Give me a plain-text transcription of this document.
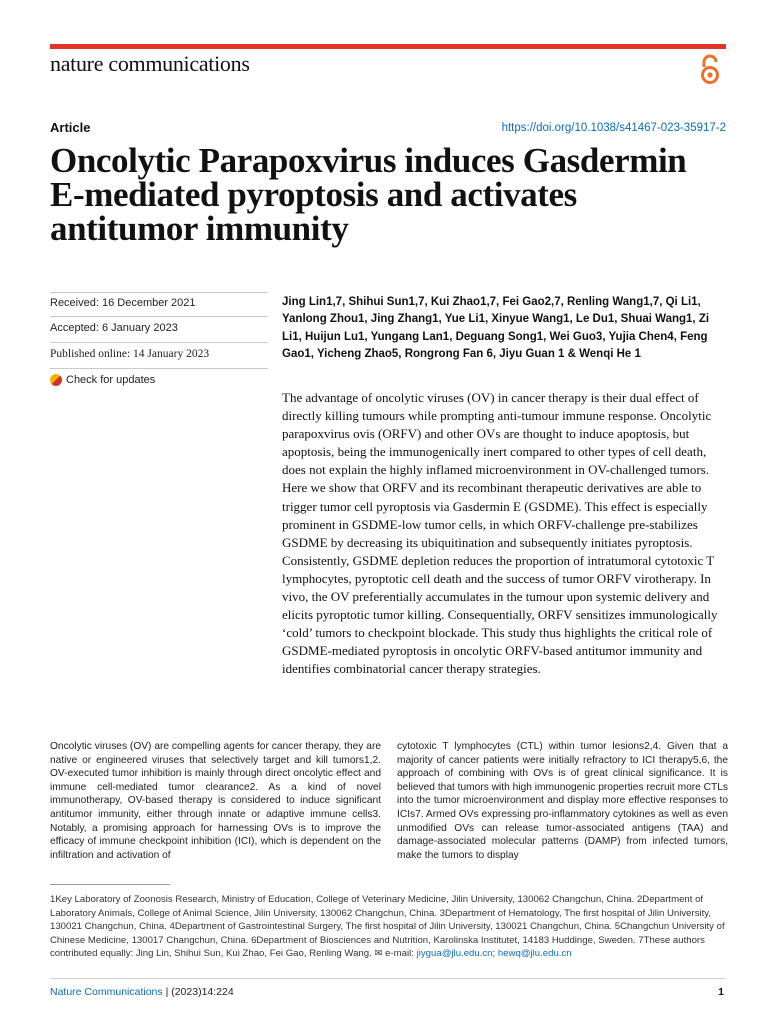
nature communications
Article	https://doi.org/10.1038/s41467-023-35917-2
Oncolytic Parapoxvirus induces Gasdermin
E-mediated pyroptosis and activates
antitumor immunity
Received: 16 December 2021
Accepted: 6 January 2023
Published online: 14 January 2023
Check for updates
Jing Lin1,7, Shihui Sun1,7, Kui Zhao1,7, Fei Gao2,7, Renling Wang1,7, Qi Li1, Yanlong Zhou1, Jing Zhang1, Yue Li1, Xinyue Wang1, Le Du1, Shuai Wang1, Zi Li1, Huijun Lu1, Yungang Lan1, Deguang Song1, Wei Guo3, Yujia Chen4, Feng Gao1, Yicheng Zhao5, Rongrong Fan 6, Jiyu Guan 1 & Wenqi He 1
The advantage of oncolytic viruses (OV) in cancer therapy is their dual effect of directly killing tumours while prompting anti-tumour immune response. Oncolytic parapoxvirus ovis (ORFV) and other OVs are thought to induce apoptosis, but apoptosis, being the immunogenically inert compared to other types of cell death, does not explain the highly inflamed microenvironment in OV-challenged tumors. Here we show that ORFV and its recombinant therapeutic derivatives are able to trigger tumor cell pyroptosis via Gasdermin E (GSDME). This effect is especially prominent in GSDME-low tumor cells, in which ORFV-challenge pre-stabilizes GSDME by decreasing its ubiquitination and subsequently initiates pyroptosis. Consistently, GSDME depletion reduces the proportion of intratumoral cytotoxic T lymphocytes, pyroptotic cell death and the success of tumor ORFV virotherapy. In vivo, the OV preferentially accumulates in the tumour upon systemic delivery and elicits pyroptotic tumor killing. Consequentially, ORFV sensitizes immunologically ‘cold’ tumors to checkpoint blockade. This study thus highlights the critical role of GSDME-mediated pyroptosis in oncolytic ORFV-based antitumor immunity and identifies combinatorial cancer therapy strategies.
Oncolytic viruses (OV) are compelling agents for cancer therapy, they are native or engineered viruses that selectively target and kill tumors1,2. OV-executed tumor inhibition is mainly through direct oncolytic effect and immune cell-mediated tumor clearance2. As a kind of novel immunotherapy, OV-based therapy is considered to induce significant antitumor immunity, either through innate or adaptive immune cells3. Notably, a promising approach for harnessing OVs is to improve the efficacy of immune checkpoint inhibition (ICI), which is dependent on the infiltration and activation of
cytotoxic T lymphocytes (CTL) within tumor lesions2,4. Given that a majority of cancer patients were initially refractory to ICI therapy5,6, the approach of combining with OVs is of great clinical significance. It is believed that tumors with high immunogenic properties recruit more CTLs into the tumor microenvironment and display more effective responses to ICIs7. Armed OVs expressing pro-inflammatory cytokines as well as even unmodified OVs can release tumor-associated antigens (TAA) and damage-associated molecular patterns (DAMP) from infected tumors, make the tumors to display
1Key Laboratory of Zoonosis Research, Ministry of Education, College of Veterinary Medicine, Jilin University, 130062 Changchun, China. 2Department of Laboratory Animals, College of Animal Science, Jilin University, 130062 Changchun, China. 3Department of Hematology, The first hospital of Jilin University, 130021 Changchun, China. 4Department of Gastrointestinal Surgery, The first hospital of Jilin University, 130021 Changchun, China. 5Changchun University of Chinese Medicine, 130017 Changchun, China. 6Department of Biosciences and Nutrition, Karolinska Institutet, 14183 Huddinge, Sweden. 7These authors contributed equally: Jing Lin, Shihui Sun, Kui Zhao, Fei Gao, Renling Wang. ✉ e-mail: jiygua@jlu.edu.cn; hewq@jlu.edu.cn
Nature Communications | (2023)14:224	1
